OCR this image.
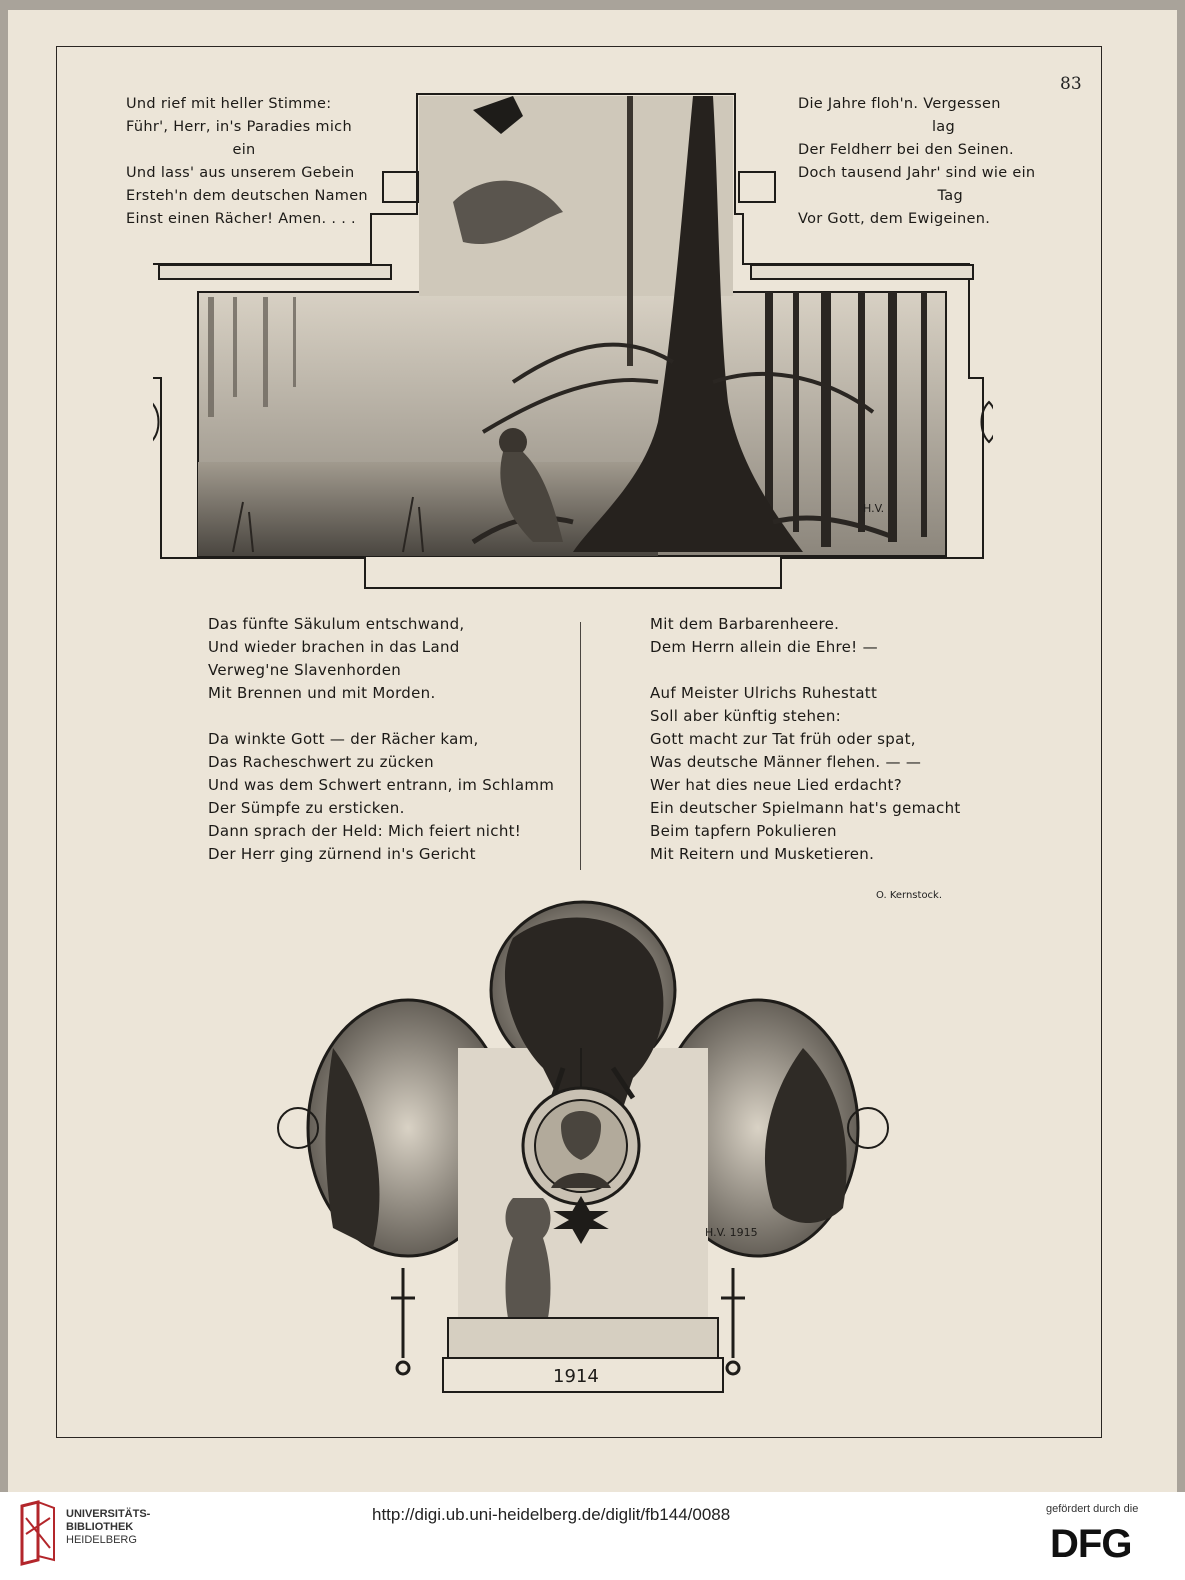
83
Und rief mit heller Stimme:
Führ', Herr, in's Paradies mich
ein
Und lass' aus unserem Gebein
Ersteh'n dem deutschen Namen
Einst einen Rächer! Amen. . . .
Die Jahre floh'n. Vergessen
lag
Der Feldherr bei den Seinen.
Doch tausend Jahr' sind wie ein
Tag
Vor Gott, dem Ewigeinen.
H.V.
Das fünfte Säkulum entschwand,
Und wieder brachen in das Land
Verweg'ne Slavenhorden
Mit Brennen und mit Morden.
Da winkte Gott — der Rächer kam,
Das Racheschwert zu zücken
Und was dem Schwert entrann, im Schlamm
Der Sümpfe zu ersticken.
Dann sprach der Held: Mich feiert nicht!
Der Herr ging zürnend in's Gericht
Mit dem Barbarenheere.
Dem Herrn allein die Ehre! —
Auf Meister Ulrichs Ruhestatt
Soll aber künftig stehen:
Gott macht zur Tat früh oder spat,
Was deutsche Männer flehen. — —
Wer hat dies neue Lied erdacht?
Ein deutscher Spielmann hat's gemacht
Beim tapfern Pokulieren
Mit Reitern und Musketieren.
O. Kernstock.
1914
H.V. 1915
UNIVERSITÄTS-
BIBLIOTHEK
HEIDELBERG
http://digi.ub.uni-heidelberg.de/diglit/fb144/0088	gefördert durch die
DFG
